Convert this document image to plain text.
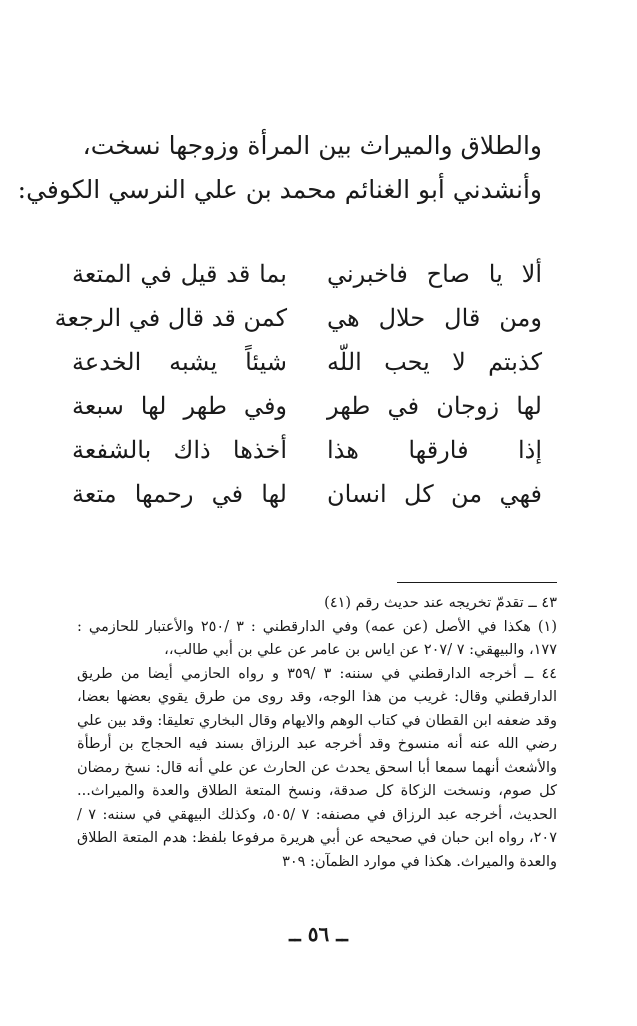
والطلاق والميراث بين المرأة وزوجها نسخت،
وأنشدني أبو الغنائم محمد بن علي النرسي الكوفي:
ألا يا صاح فاخبرني
بما قد قيل في المتعة
ومن قال حلال هي
كمن قد قال في الرجعة
كذبتم لا يحب اللّه
شيئاً يشبه الخدعة
لها زوجان في طهر
وفي طهر لها سبعة
إذا فارقها هذا
أخذها ذاك بالشفعة
فهي من كل انسان
لها في رحمها متعة

٤٣ ــ تقدمّ تخريجه عند حديث رقم (٤١)

(١) هكذا في الأصل (عن عمه) وفي الدارقطني : ٣ /٢٥٠ والأعتبار للحازمي : ١٧٧، والبيهقي: ٧ /٢٠٧ عن اياس بن عامر عن علي بن أبي طالب،،

٤٤ ــ أخرجه الدارقطني في سننه: ٣ /٣٥٩ و رواه الحازمي أيضا من طريق الدارقطني وقال: غريب من هذا الوجه، وقد روى من طرق يقوي بعضها بعضا، وقد ضعفه ابن القطان في كتاب الوهم والايهام وقال البخاري تعليقا: وقد بين علي رضي الله عنه أنه منسوخ وقد أخرجه عبد الرزاق بسند فيه الحجاج بن أرطأة والأشعث أنهما سمعا أبا اسحق يحدث عن الحارث عن علي أنه قال: نسخ رمضان كل صوم، ونسخت الزكاة كل صدقة، ونسخ المتعة الطلاق والعدة والميراث... الحديث، أخرجه عبد الرزاق في مصنفه: ٧ /٥٠٥، وكذلك البيهقي في سننه: ٧ /٢٠٧، رواه ابن حبان في صحيحه عن أبي هريرة مرفوعا بلفظ: هدم المتعة الطلاق والعدة والميراث. هكذا في موارد الظمآن: ٣٠٩

ــ ٥٦ ــ
